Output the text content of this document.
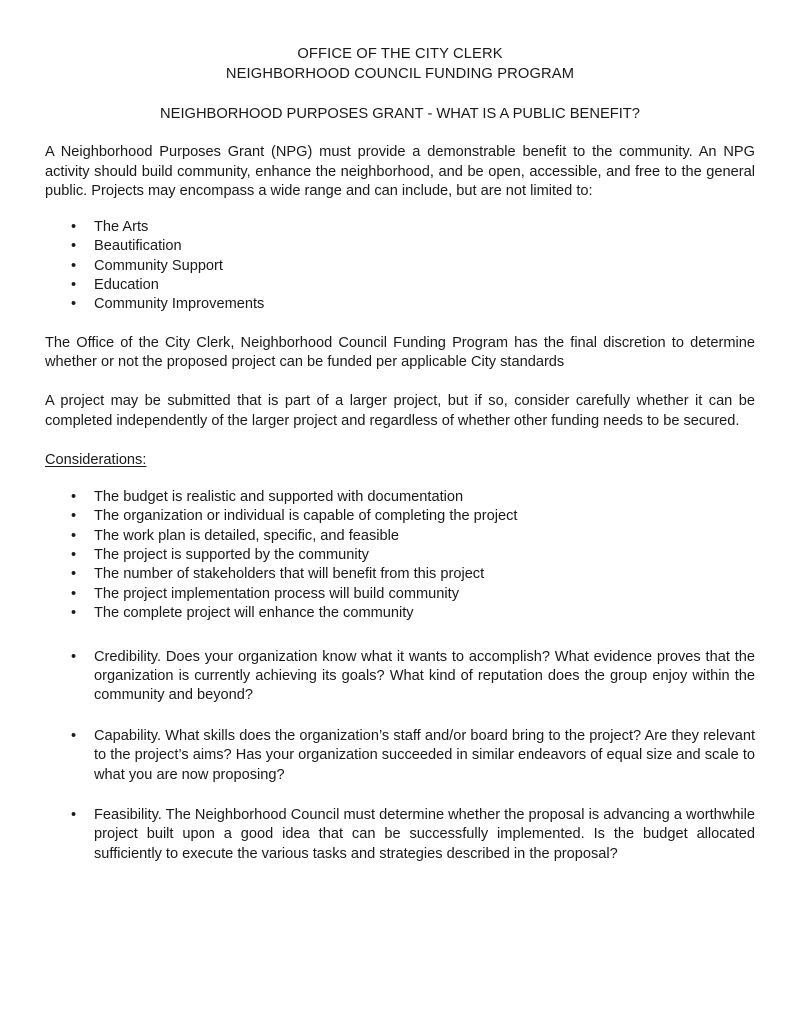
OFFICE OF THE CITY CLERK
NEIGHBORHOOD COUNCIL FUNDING PROGRAM
NEIGHBORHOOD PURPOSES GRANT - WHAT IS A PUBLIC BENEFIT?

A Neighborhood Purposes Grant (NPG) must provide a demonstrable benefit to the community. An NPG activity should build community, enhance the neighborhood, and be open, accessible, and free to the general public. Projects may encompass a wide range and can include, but are not limited to:

• The Arts
• Beautification
• Community Support
• Education
• Community Improvements

The Office of the City Clerk, Neighborhood Council Funding Program has the final discretion to determine whether or not the proposed project can be funded per applicable City standards

A project may be submitted that is part of a larger project, but if so, consider carefully whether it can be completed independently of the larger project and regardless of whether other funding needs to be secured.

Considerations:
• The budget is realistic and supported with documentation
• The organization or individual is capable of completing the project
• The work plan is detailed, specific, and feasible
• The project is supported by the community
• The number of stakeholders that will benefit from this project
• The project implementation process will build community
• The complete project will enhance the community
• Credibility. Does your organization know what it wants to accomplish? What evidence proves that the organization is currently achieving its goals? What kind of reputation does the group enjoy within the community and beyond?
• Capability. What skills does the organization’s staff and/or board bring to the project? Are they relevant to the project’s aims? Has your organization succeeded in similar endeavors of equal size and scale to what you are now proposing?
• Feasibility. The Neighborhood Council must determine whether the proposal is advancing a worthwhile project built upon a good idea that can be successfully implemented. Is the budget allocated sufficiently to execute the various tasks and strategies described in the proposal?
